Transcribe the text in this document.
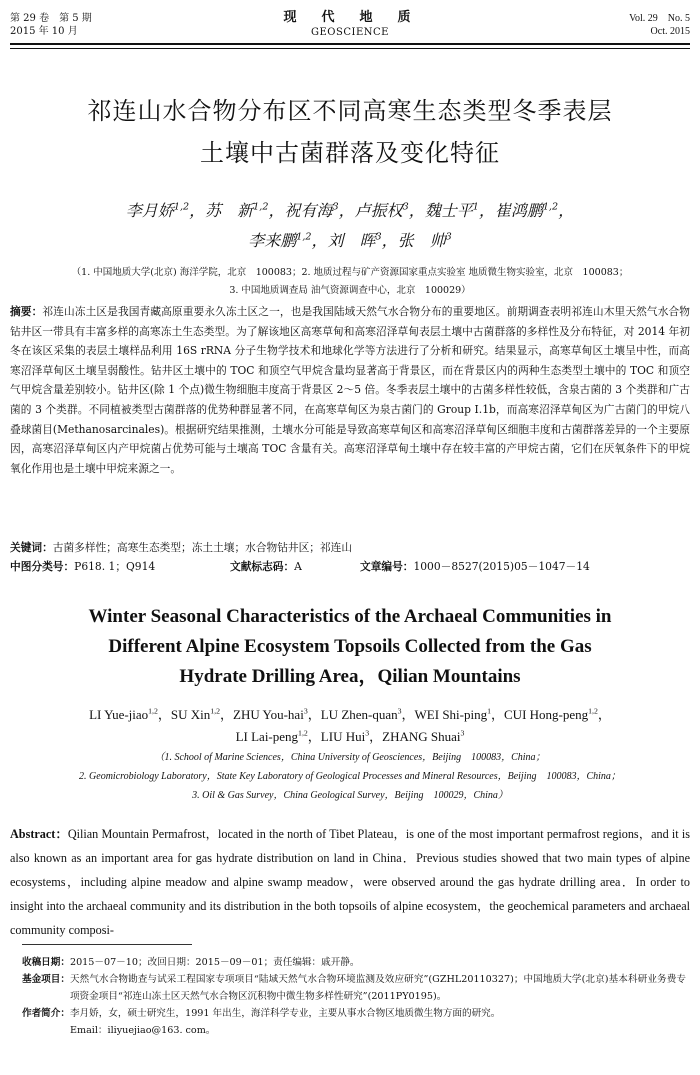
第 29 卷　第 5 期
2015 年 10 月
现　代　地　质
GEOSCIENCE
Vol. 29　No. 5
Oct. 2015
祁连山水合物分布区不同高寒生态类型冬季表层
土壤中古菌群落及变化特征
李月娇$^{1,2}$，苏　新$^{1,2}$，祝有海$^3$，卢振权$^3$，魏士平$^1$，崔鸿鹏$^{1,2}$，
李来鹏$^{1,2}$，刘　晖$^3$，张　帅$^3$
（1. 中国地质大学(北京) 海洋学院，北京　100083；2. 地质过程与矿产资源国家重点实验室 地质微生物实验室，北京　100083；
3. 中国地质调查局 油气资源调查中心，北京　100029）
摘要：祁连山冻土区是我国青藏高原重要永久冻土区之一，也是我国陆域天然气水合物分布的重要地区。前期调查表明祁连山木里天然气水合物钻井区一带具有丰富多样的高寒冻土生态类型。为了解该地区高寒草甸和高寒沼泽草甸表层土壤中古菌群落的多样性及分布特征，对 2014 年初冬在该区采集的表层土壤样品利用 16S rRNA 分子生物学技术和地球化学等方法进行了分析和研究。结果显示，高寒草甸区土壤呈中性，而高寒沼泽草甸区土壤呈弱酸性。钻井区土壤中的 TOC 和顶空气甲烷含量均显著高于背景区，而在背景区内的两种生态类型土壤中的 TOC 和顶空气甲烷含量差别较小。钻井区(除 1 个点)微生物细胞丰度高于背景区 2～5 倍。冬季表层土壤中的古菌多样性较低，含泉古菌的 3 个类群和广古菌的 3 个类群。不同植被类型古菌群落的优势种群显著不同，在高寒草甸区为泉古菌门的 Group Ⅰ.1b，而高寒沼泽草甸区为广古菌门的甲烷八叠球菌目(Methanosarcinales)。根据研究结果推测，土壤水分可能是导致高寒草甸区和高寒沼泽草甸区细胞丰度和古菌群落差异的一个主要原因，高寒沼泽草甸区内产甲烷菌占优势可能与土壤高 TOC 含量有关。高寒沼泽草甸土壤中存在较丰富的产甲烷古菌，它们在厌氧条件下的甲烷氧化作用也是土壤中甲烷来源之一。
关键词：古菌多样性；高寒生态类型；冻土土壤；水合物钻井区；祁连山
中图分类号：P618. 1；Q914	文献标志码：A	文章编号：1000－8527(2015)05－1047－14
Winter Seasonal Characteristics of the Archaeal Communities in
Different Alpine Ecosystem Topsoils Collected from the Gas
Hydrate Drilling Area，Qilian Mountains
LI Yue-jiao$^{1,2}$，SU Xin$^{1,2}$，ZHU You-hai$^3$，LU Zhen-quan$^3$，WEI Shi-ping$^1$，CUI Hong-peng$^{1,2}$，
LI Lai-peng$^{1,2}$，LIU Hui$^3$，ZHANG Shuai$^3$
（1. School of Marine Sciences，China University of Geosciences，Beijing　100083，China；
2. Geomicrobiology Laboratory，State Key Laboratory of Geological Processes and Mineral Resources，Beijing　100083，China；
3. Oil & Gas Survey，China Geological Survey，Beijing　100029，China）
Abstract：Qilian Mountain Permafrost，located in the north of Tibet Plateau，is one of the most important permafrost regions，and it is also known as an important area for gas hydrate distribution on land in China．Previous studies showed that two main types of alpine ecosystems，including alpine meadow and alpine swamp meadow，were observed around the gas hydrate drilling area．In order to insight into the archaeal community and its distribution in the both topsoils of alpine ecosystem，the geochemical parameters and archaeal community composi-
收稿日期： 2015－07－10；改回日期：2015－09－01；责任编辑：戚开静。
基金项目： 天然气水合物勘查与试采工程国家专项项目“陆域天然气水合物环境监测及效应研究”(GZHL20110327)；中国地质大学(北京)基本科研业务费专项资金项目“祁连山冻土区天然气水合物区沉积物中微生物多样性研究”(2011PY0195)。
作者简介： 李月娇，女，硕士研究生，1991 年出生，海洋科学专业，主要从事水合物区地质微生物方面的研究。
Email：iliyuejiao@163. com。
